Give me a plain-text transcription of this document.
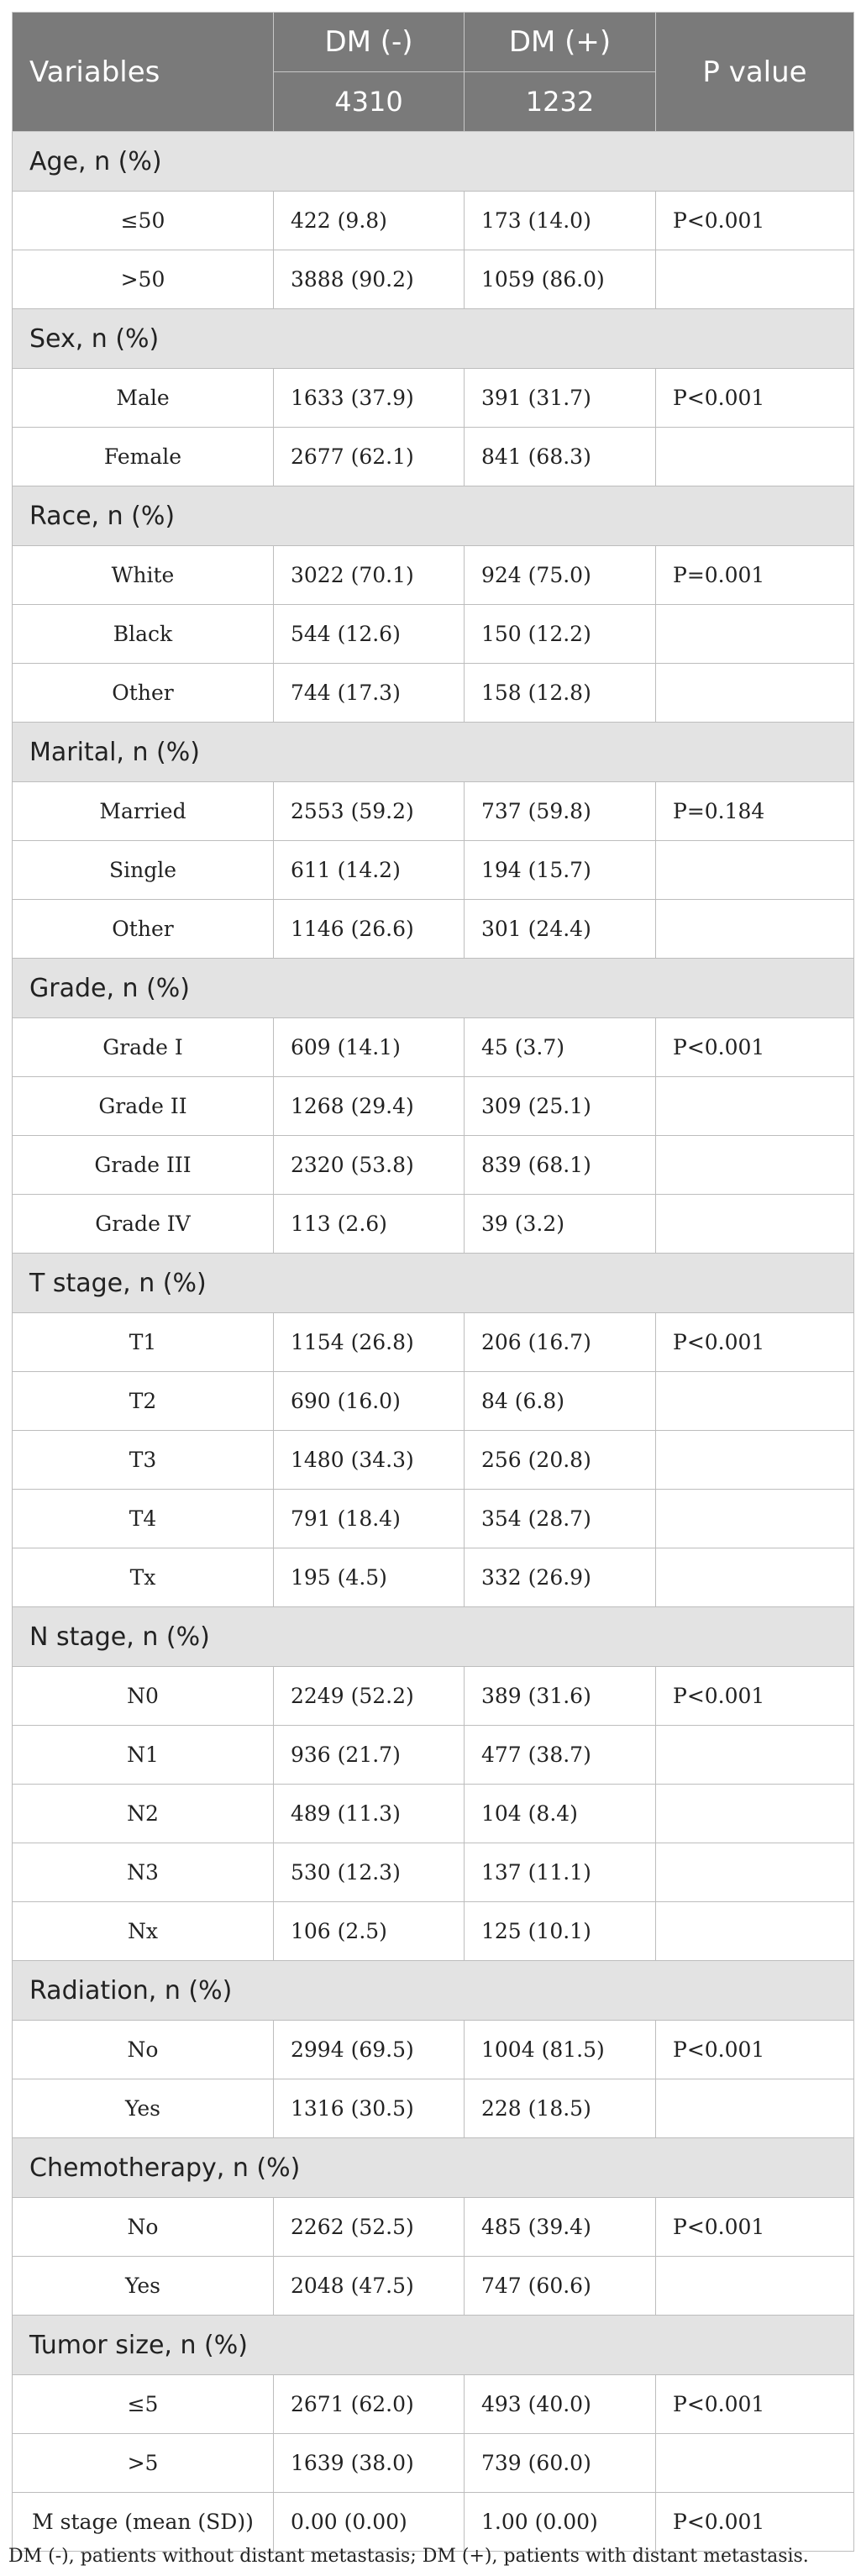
Variables	DM (-)	DM (+)	P value
	4310	1232	
Age, n (%)			
≤50	422 (9.8)	173 (14.0)	P<0.001
>50	3888 (90.2)	1059 (86.0)	
Sex, n (%)			
Male	1633 (37.9)	391 (31.7)	P<0.001
Female	2677 (62.1)	841 (68.3)	
Race, n (%)			
White	3022 (70.1)	924 (75.0)	P=0.001
Black	544 (12.6)	150 (12.2)	
Other	744 (17.3)	158 (12.8)	
Marital, n (%)			
Married	2553 (59.2)	737 (59.8)	P=0.184
Single	611 (14.2)	194 (15.7)	
Other	1146 (26.6)	301 (24.4)	
Grade, n (%)			
Grade I	609 (14.1)	45 (3.7)	P<0.001
Grade II	1268 (29.4)	309 (25.1)	
Grade III	2320 (53.8)	839 (68.1)	
Grade IV	113 (2.6)	39 (3.2)	
T stage, n (%)			
T1	1154 (26.8)	206 (16.7)	P<0.001
T2	690 (16.0)	84 (6.8)	
T3	1480 (34.3)	256 (20.8)	
T4	791 (18.4)	354 (28.7)	
Tx	195 (4.5)	332 (26.9)	
N stage, n (%)			
N0	2249 (52.2)	389 (31.6)	P<0.001
N1	936 (21.7)	477 (38.7)	
N2	489 (11.3)	104 (8.4)	
N3	530 (12.3)	137 (11.1)	
Nx	106 (2.5)	125 (10.1)	
Radiation, n (%)			
No	2994 (69.5)	1004 (81.5)	P<0.001
Yes	1316 (30.5)	228 (18.5)	
Chemotherapy, n (%)			
No	2262 (52.5)	485 (39.4)	P<0.001
Yes	2048 (47.5)	747 (60.6)	
Tumor size, n (%)			
≤5	2671 (62.0)	493 (40.0)	P<0.001
>5	1639 (38.0)	739 (60.0)	
M stage (mean (SD))	0.00 (0.00)	1.00 (0.00)	P<0.001
DM (-), patients without distant metastasis; DM (+), patients with distant metastasis.
